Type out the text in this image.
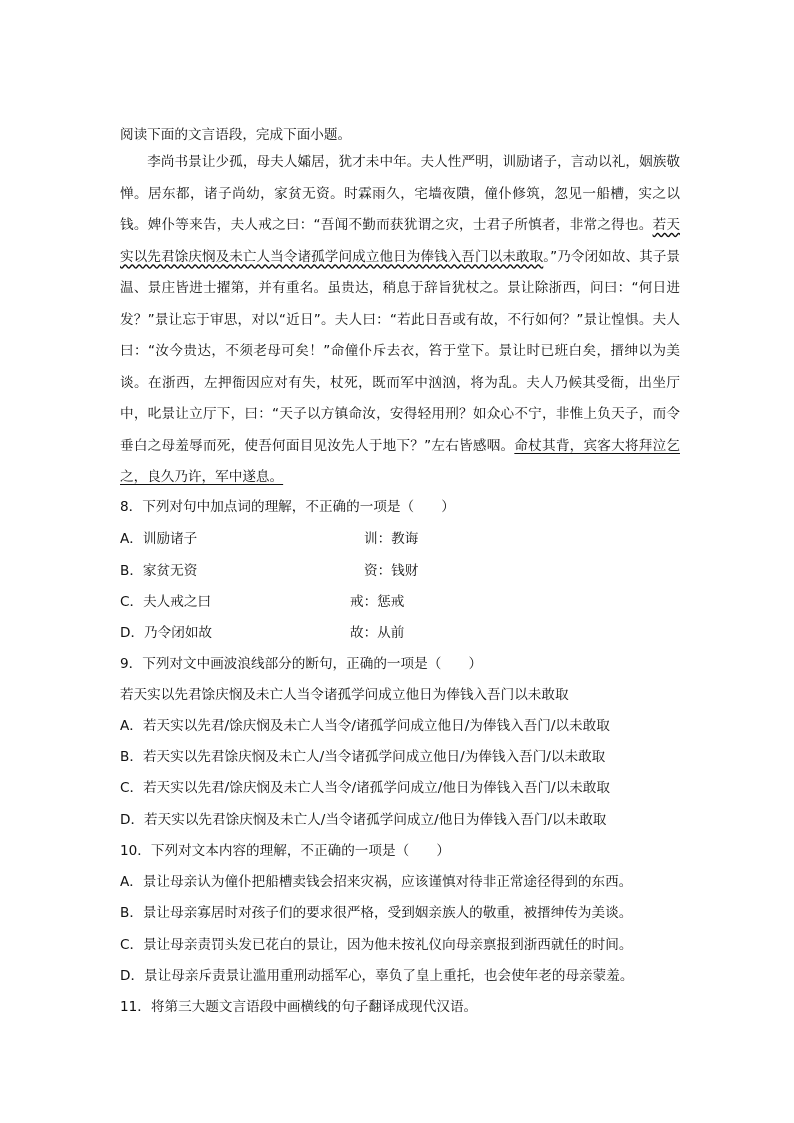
阅读下面的文言语段，完成下面小题。
李尚书景让少孤，母夫人孀居，犹才未中年。夫人性严明，训励诸子，言动以礼，姻族敬惮。居东都，诸子尚幼，家贫无资。时霖雨久，宅墙夜隤，僮仆修筑，忽见一船槽，实之以钱。婢仆等来告，夫人戒之曰：“吾闻不勤而获犹谓之灾，士君子所慎者，非常之得也。若天实以先君馀庆悯及未亡人当令诸孤学问成立他日为俸钱入吾门以未敢取。”乃令闭如故、其子景温、景庄皆进士擢第，并有重名。虽贵达，稍息于辞旨犹杖之。景让除浙西，问曰：“何日进发？”景让忘于审思，对以“近日”。夫人曰：“若此日吾或有故，不行如何？”景让惶惧。夫人曰：“汝今贵达，不须老母可矣！”命僮仆斥去衣，笞于堂下。景让时已班白矣，搢绅以为美谈。在浙西，左押衙因应对有失，杖死，既而军中汹汹，将为乱。夫人乃候其受衙，出坐厅中，叱景让立厅下，曰：“天子以方镇命汝，安得轻用刑？如众心不宁，非惟上负天子，而令垂白之母羞辱而死，使吾何面目见汝先人于地下？”左右皆感咽。命杖其背，宾客大将拜泣乞之，良久乃许，军中遂息。
8．下列对句中加点词的理解，不正确的一项是（　　）
A．训励诸子	训：教诲
B．家贫无资	资：钱财
C．夫人戒之曰	戒：惩戒
D．乃令闭如故	故：从前
9．下列对文中画波浪线部分的断句，正确的一项是（　　）
若天实以先君馀庆悯及未亡人当令诸孤学问成立他日为俸钱入吾门以未敢取
A．若天实以先君/馀庆悯及未亡人当令/诸孤学问成立他日/为俸钱入吾门/以未敢取
B．若天实以先君馀庆悯及未亡人/当令诸孤学问成立他日/为俸钱入吾门/以未敢取
C．若天实以先君/馀庆悯及未亡人当令/诸孤学问成立/他日为俸钱入吾门/以未敢取
D．若天实以先君馀庆悯及未亡人/当令诸孤学问成立/他日为俸钱入吾门/以未敢取
10．下列对文本内容的理解，不正确的一项是（　　）
A．景让母亲认为僮仆把船槽卖钱会招来灾祸，应该谨慎对待非正常途径得到的东西。
B．景让母亲寡居时对孩子们的要求很严格，受到姻亲族人的敬重，被搢绅传为美谈。
C．景让母亲责罚头发已花白的景让，因为他未按礼仪向母亲禀报到浙西就任的时间。
D．景让母亲斥责景让滥用重刑动摇军心，辜负了皇上重托，也会使年老的母亲蒙羞。
11．将第三大题文言语段中画横线的句子翻译成现代汉语。
